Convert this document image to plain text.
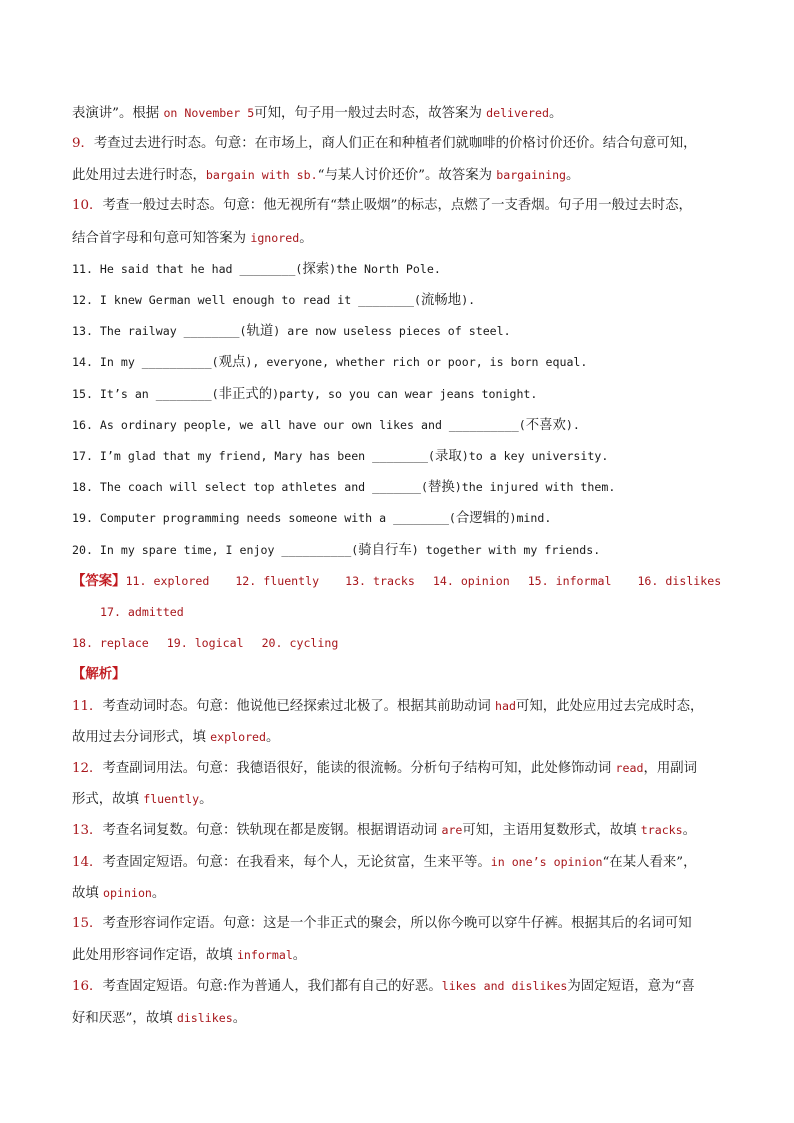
表演讲”。根据 on November 5可知，句子用一般过去时态，故答案为 delivered。
9．考查过去进行时态。句意：在市场上，商人们正在和种植者们就咖啡的价格讨价还价。结合句意可知，
此处用过去进行时态，bargain with sb.“与某人讨价还价”。故答案为 bargaining。
10．考查一般过去时态。句意：他无视所有“禁止吸烟”的标志，点燃了一支香烟。句子用一般过去时态，
结合首字母和句意可知答案为 ignored。
11. He said that he had ________(探索)the North Pole.
12. I knew German well enough to read it ________(流畅地).
13. The railway ________(轨道) are now useless pieces of steel.
14. In my __________(观点), everyone, whether rich or poor, is born equal.
15. It’s an ________(非正式的)party, so you can wear jeans tonight.
16. As ordinary people, we all have our own likes and __________(不喜欢).
17. I’m glad that my friend, Mary has been ________(录取)to a key university.
18. The coach will select top athletes and _______(替换)the injured with them.
19. Computer programming needs someone with a ________(合逻辑的)mind.
20. In my spare time, I enjoy __________(骑自行车) together with my friends.
【答案】11. explored 12. fluently 13. tracks 14. opinion 15. informal 16. dislikes
17. admitted
18. replace 19. logical 20. cycling
【解析】
11．考查动词时态。句意：他说他已经探索过北极了。根据其前助动词 had可知，此处应用过去完成时态，
故用过去分词形式，填 explored。
12．考查副词用法。句意：我德语很好，能读的很流畅。分析句子结构可知，此处修饰动词 read，用副词
形式，故填 fluently。
13．考查名词复数。句意：铁轨现在都是废钢。根据谓语动词 are可知，主语用复数形式，故填 tracks。
14．考查固定短语。句意：在我看来，每个人，无论贫富，生来平等。in one’s opinion“在某人看来”，
故填 opinion。
15．考查形容词作定语。句意：这是一个非正式的聚会，所以你今晚可以穿牛仔裤。根据其后的名词可知
此处用形容词作定语，故填 informal。
16．考查固定短语。句意:作为普通人，我们都有自己的好恶。likes and dislikes为固定短语，意为“喜
好和厌恶”，故填 dislikes。
